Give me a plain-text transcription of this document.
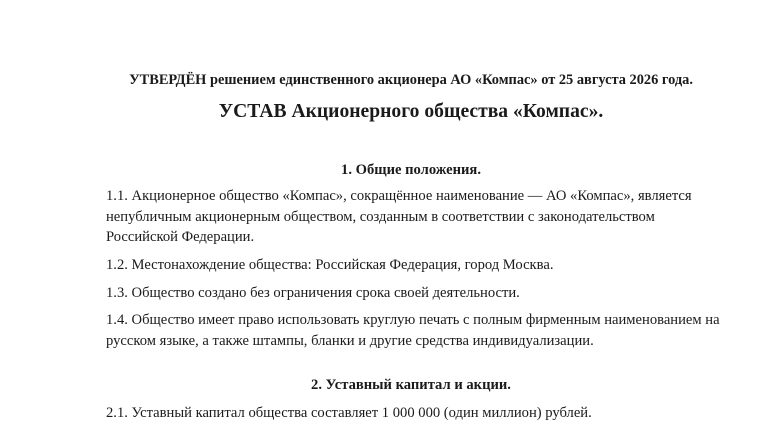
УТВЕРДЁН решением единственного акционера АО «Компас» от 25 августа 2026 года.
УСТАВ Акционерного общества «Компас».
1. Общие положения.
1.1. Акционерное общество «Компас», сокращённое наименование — АО «Компас», является непубличным акционерным обществом, созданным в соответствии с законодательством Российской Федерации.
1.2. Местонахождение общества: Российская Федерация, город Москва.
1.3. Общество создано без ограничения срока своей деятельности.
1.4. Общество имеет право использовать круглую печать с полным фирменным наименованием на русском языке, а также штампы, бланки и другие средства индивидуализации.
2. Уставный капитал и акции.
2.1. Уставный капитал общества составляет 1 000 000 (один миллион) рублей.
